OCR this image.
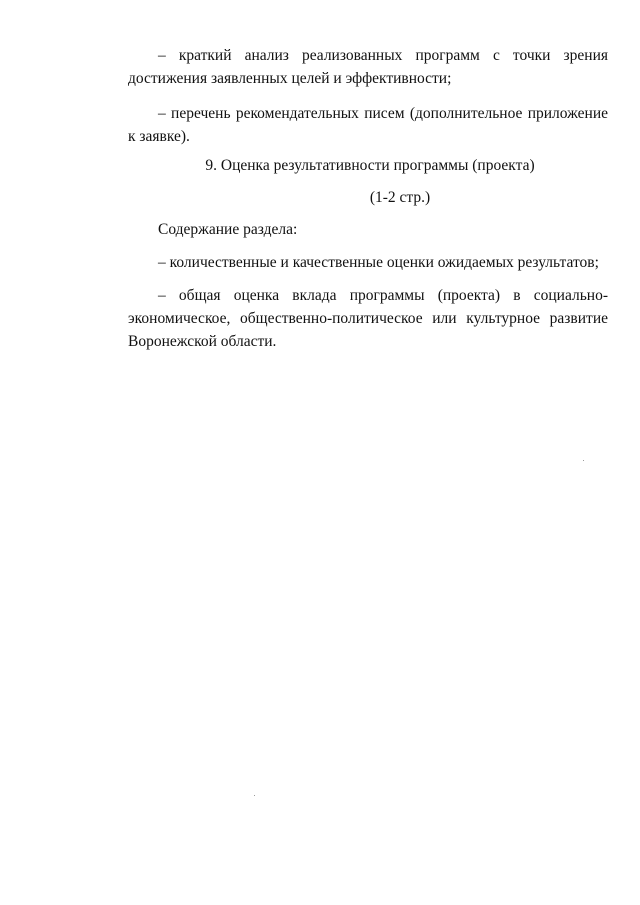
– краткий анализ реализованных программ с точки зрения достижения заявленных целей и эффективности;

– перечень рекомендательных писем (дополнительное приложение к заявке).

9. Оценка результативности программы (проекта)

(1-2 стр.)

Содержание раздела:

– количественные и качественные оценки ожидаемых результатов;

– общая оценка вклада программы (проекта) в социально-экономическое, общественно-политическое или культурное развитие Воронежской области.
